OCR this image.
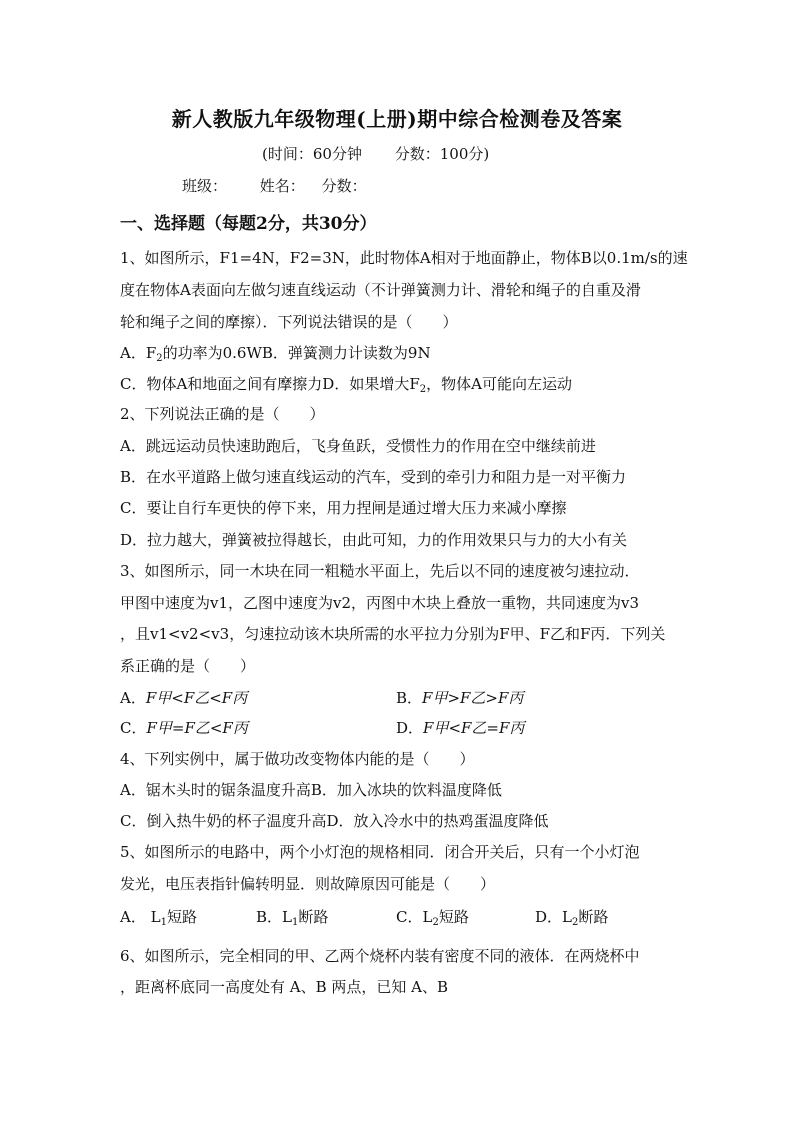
新人教版九年级物理(上册)期中综合检测卷及答案
(时间：60分钟 分数：100分)
班级： 姓名： 分数：
一、选择题（每题2分，共30分）
1、如图所示，F1=4N，F2=3N，此时物体A相对于地面静止，物体B以0.1m/s的速
度在物体A表面向左做匀速直线运动（不计弹簧测力计、滑轮和绳子的自重及滑
轮和绳子之间的摩擦）．下列说法错误的是（　　）
A．$F_2$的功率为0.6WB．弹簧测力计读数为9N
C．物体A和地面之间有摩擦力D．如果增大$F_2$，物体A可能向左运动
2、下列说法正确的是（　　）
A．跳远运动员快速助跑后，飞身鱼跃，受惯性力的作用在空中继续前进
B．在水平道路上做匀速直线运动的汽车，受到的牵引力和阻力是一对平衡力
C．要让自行车更快的停下来，用力捏闸是通过增大压力来减小摩擦
D．拉力越大，弹簧被拉得越长，由此可知，力的作用效果只与力的大小有关
3、如图所示，同一木块在同一粗糙水平面上，先后以不同的速度被匀速拉动．
甲图中速度为v1，乙图中速度为v2，丙图中木块上叠放一重物，共同速度为v3
，且v1<v2<v3，匀速拉动该木块所需的水平拉力分别为F甲、F乙和F丙．下列关
系正确的是（　　）
A．F甲<F乙<F丙	B．F甲>F乙>F丙
C．F甲=F乙<F丙	D．F甲<F乙=F丙
4、下列实例中，属于做功改变物体内能的是（　　）
A．锯木头时的锯条温度升高B．加入冰块的饮料温度降低
C．倒入热牛奶的杯子温度升高D．放入冷水中的热鸡蛋温度降低
5、如图所示的电路中，两个小灯泡的规格相同．闭合开关后，只有一个小灯泡
发光，电压表指针偏转明显．则故障原因可能是（　　）
A． $L_1$短路	B．$L_1$断路	C．$L_2$短路	D．$L_2$断路
6、如图所示，完全相同的甲、乙两个烧杯内装有密度不同的液体．在两烧杯中
，距离杯底同一高度处有 A、B 两点，已知 A、B
